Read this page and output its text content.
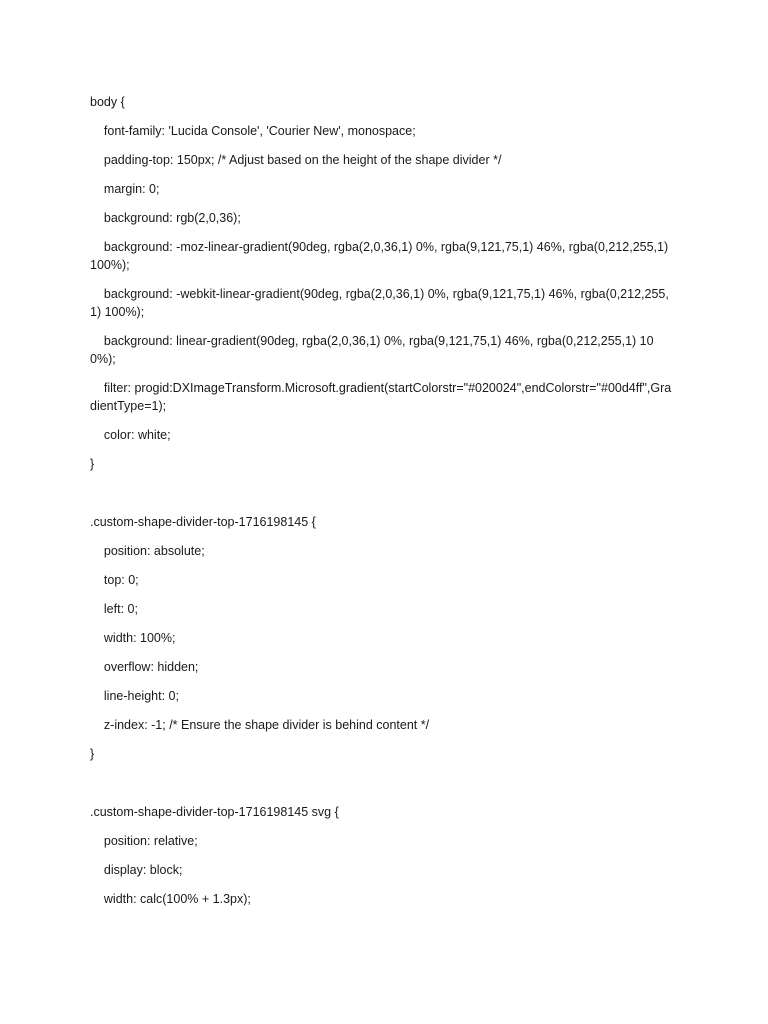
body {

font-family: 'Lucida Console', 'Courier New', monospace;

padding-top: 150px; /* Adjust based on the height of the shape divider */

margin: 0;

background: rgb(2,0,36);

background: -moz-linear-gradient(90deg, rgba(2,0,36,1) 0%, rgba(9,121,75,1) 46%, rgba(0,212,255,1) 100%);

background: -webkit-linear-gradient(90deg, rgba(2,0,36,1) 0%, rgba(9,121,75,1) 46%, rgba(0,212,255,1) 100%);

background: linear-gradient(90deg, rgba(2,0,36,1) 0%, rgba(9,121,75,1) 46%, rgba(0,212,255,1) 100%);

filter: progid:DXImageTransform.Microsoft.gradient(startColorstr="#020024",endColorstr="#00d4ff",GradientType=1);

color: white;

}

.custom-shape-divider-top-1716198145 {

position: absolute;

top: 0;

left: 0;

width: 100%;

overflow: hidden;

line-height: 0;

z-index: -1; /* Ensure the shape divider is behind content */

}

.custom-shape-divider-top-1716198145 svg {

position: relative;

display: block;

width: calc(100% + 1.3px);
